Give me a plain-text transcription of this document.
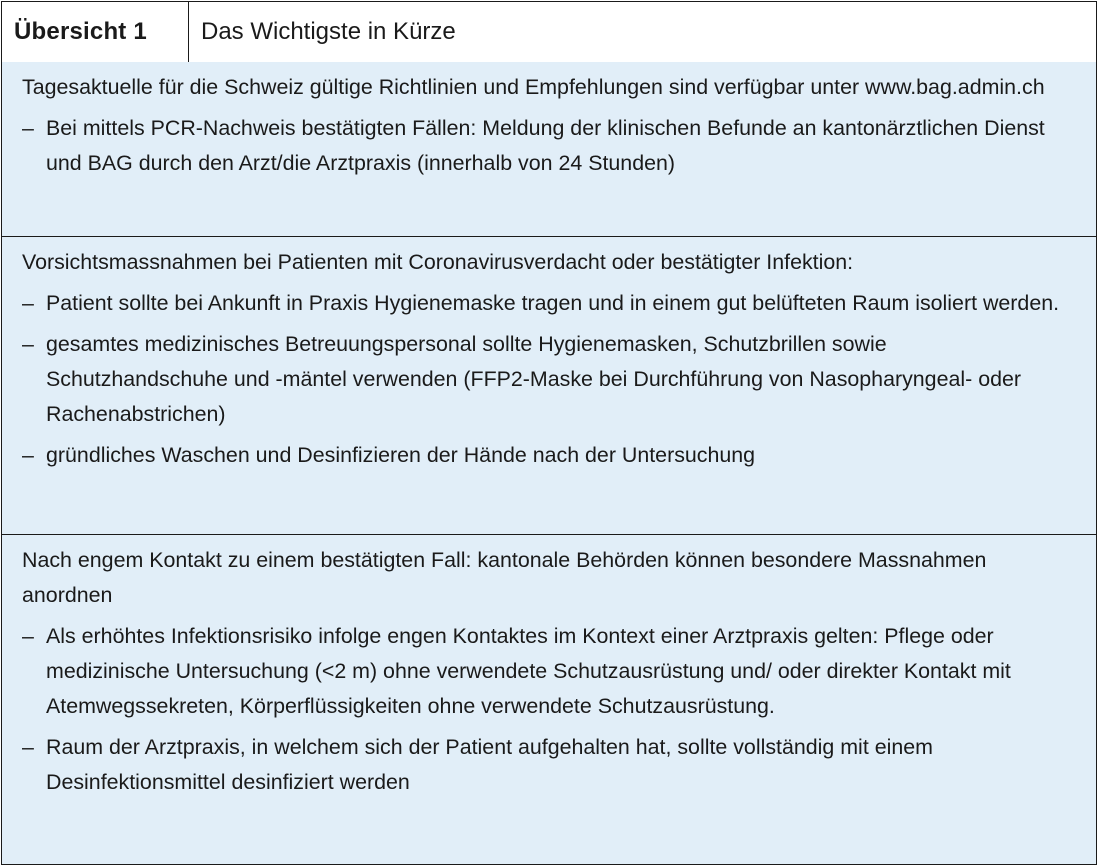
Übersicht 1	Das Wichtigste in Kürze

Tagesaktuelle für die Schweiz gültige Richtlinien und Empfehlungen sind verfügbar unter www.bag.admin.ch

– Bei mittels PCR-Nachweis bestätigten Fällen: Meldung der klinischen Befunde an kantonärztlichen Dienst und BAG durch den Arzt/die Arztpraxis (innerhalb von 24 Stunden)

Vorsichtsmassnahmen bei Patienten mit Coronavirusverdacht oder bestätigter Infektion:

– Patient sollte bei Ankunft in Praxis Hygienemaske tragen und in einem gut belüfteten Raum isoliert werden.
– gesamtes medizinisches Betreuungspersonal sollte Hygienemasken, Schutzbrillen sowie Schutzhandschuhe und -mäntel verwenden (FFP2-Maske bei Durchführung von Nasopharyngeal- oder Rachenabstrichen)
– gründliches Waschen und Desinfizieren der Hände nach der Untersuchung

Nach engem Kontakt zu einem bestätigten Fall: kantonale Behörden können besondere Massnahmen anordnen

– Als erhöhtes Infektionsrisiko infolge engen Kontaktes im Kontext einer Arztpraxis gelten: Pflege oder medizinische Untersuchung (<2 m) ohne verwendete Schutzausrüstung und/ oder direkter Kontakt mit Atemwegssekreten, Körperflüssigkeiten ohne verwendete Schutzausrüstung.
– Raum der Arztpraxis, in welchem sich der Patient aufgehalten hat, sollte vollständig mit einem Desinfektionsmittel desinfiziert werden
